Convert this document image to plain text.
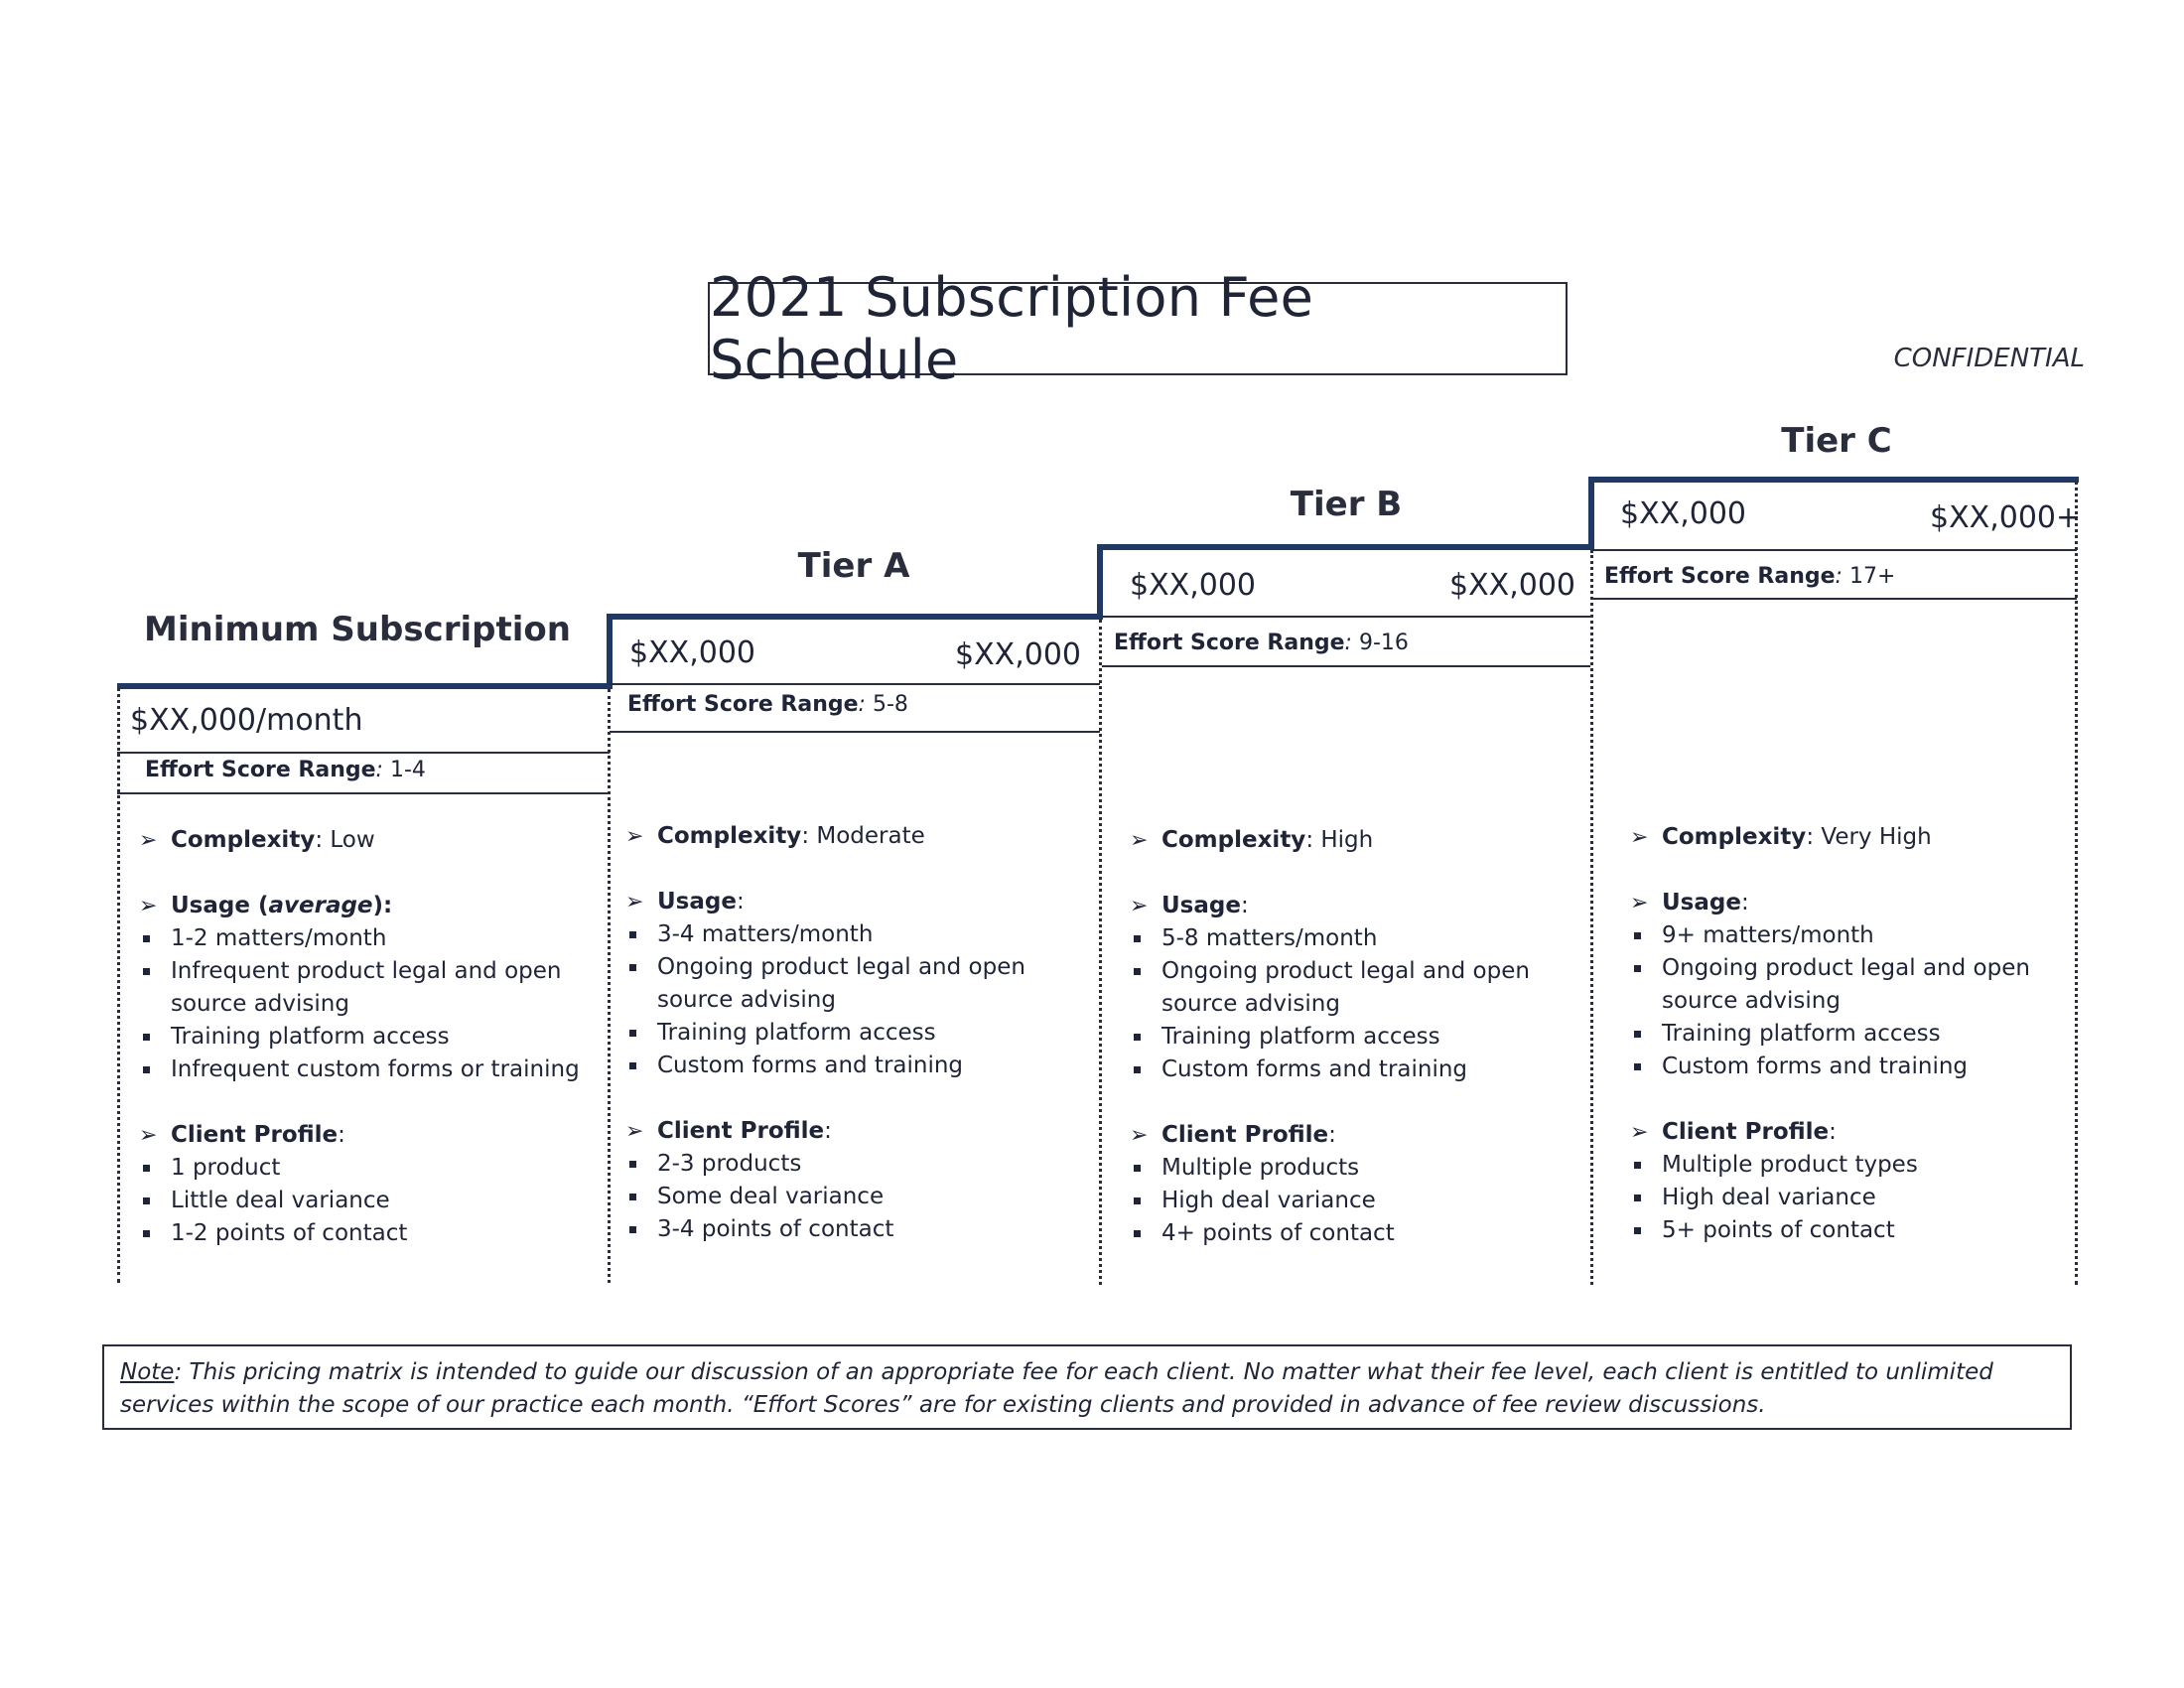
2021 Subscription Fee Schedule	CONFIDENTIAL
Minimum Subscription
$XX,000/month
Effort Score Range: 1-4
➢ Complexity: Low
➢ Usage (average):
1-2 matters/month
Infrequent product legal and open source advising
Training platform access
Infrequent custom forms or training
➢ Client Profile:
1 product
Little deal variance
1-2 points of contact
Tier A
$XX,000	$XX,000
Effort Score Range: 5-8
➢ Complexity: Moderate
➢ Usage:
3-4 matters/month
Ongoing product legal and open source advising
Training platform access
Custom forms and training
➢ Client Profile:
2-3 products
Some deal variance
3-4 points of contact
Tier B
$XX,000	$XX,000
Effort Score Range: 9-16
➢ Complexity: High
➢ Usage:
5-8 matters/month
Ongoing product legal and open source advising
Training platform access
Custom forms and training
➢ Client Profile:
Multiple products
High deal variance
4+ points of contact
Tier C
$XX,000	$XX,000+
Effort Score Range: 17+
➢ Complexity: Very High
➢ Usage:
9+ matters/month
Ongoing product legal and open source advising
Training platform access
Custom forms and training
➢ Client Profile:
Multiple product types
High deal variance
5+ points of contact
Note: This pricing matrix is intended to guide our discussion of an appropriate fee for each client. No matter what their fee level, each client is entitled to unlimited services within the scope of our practice each month. “Effort Scores” are for existing clients and provided in advance of fee review discussions.
